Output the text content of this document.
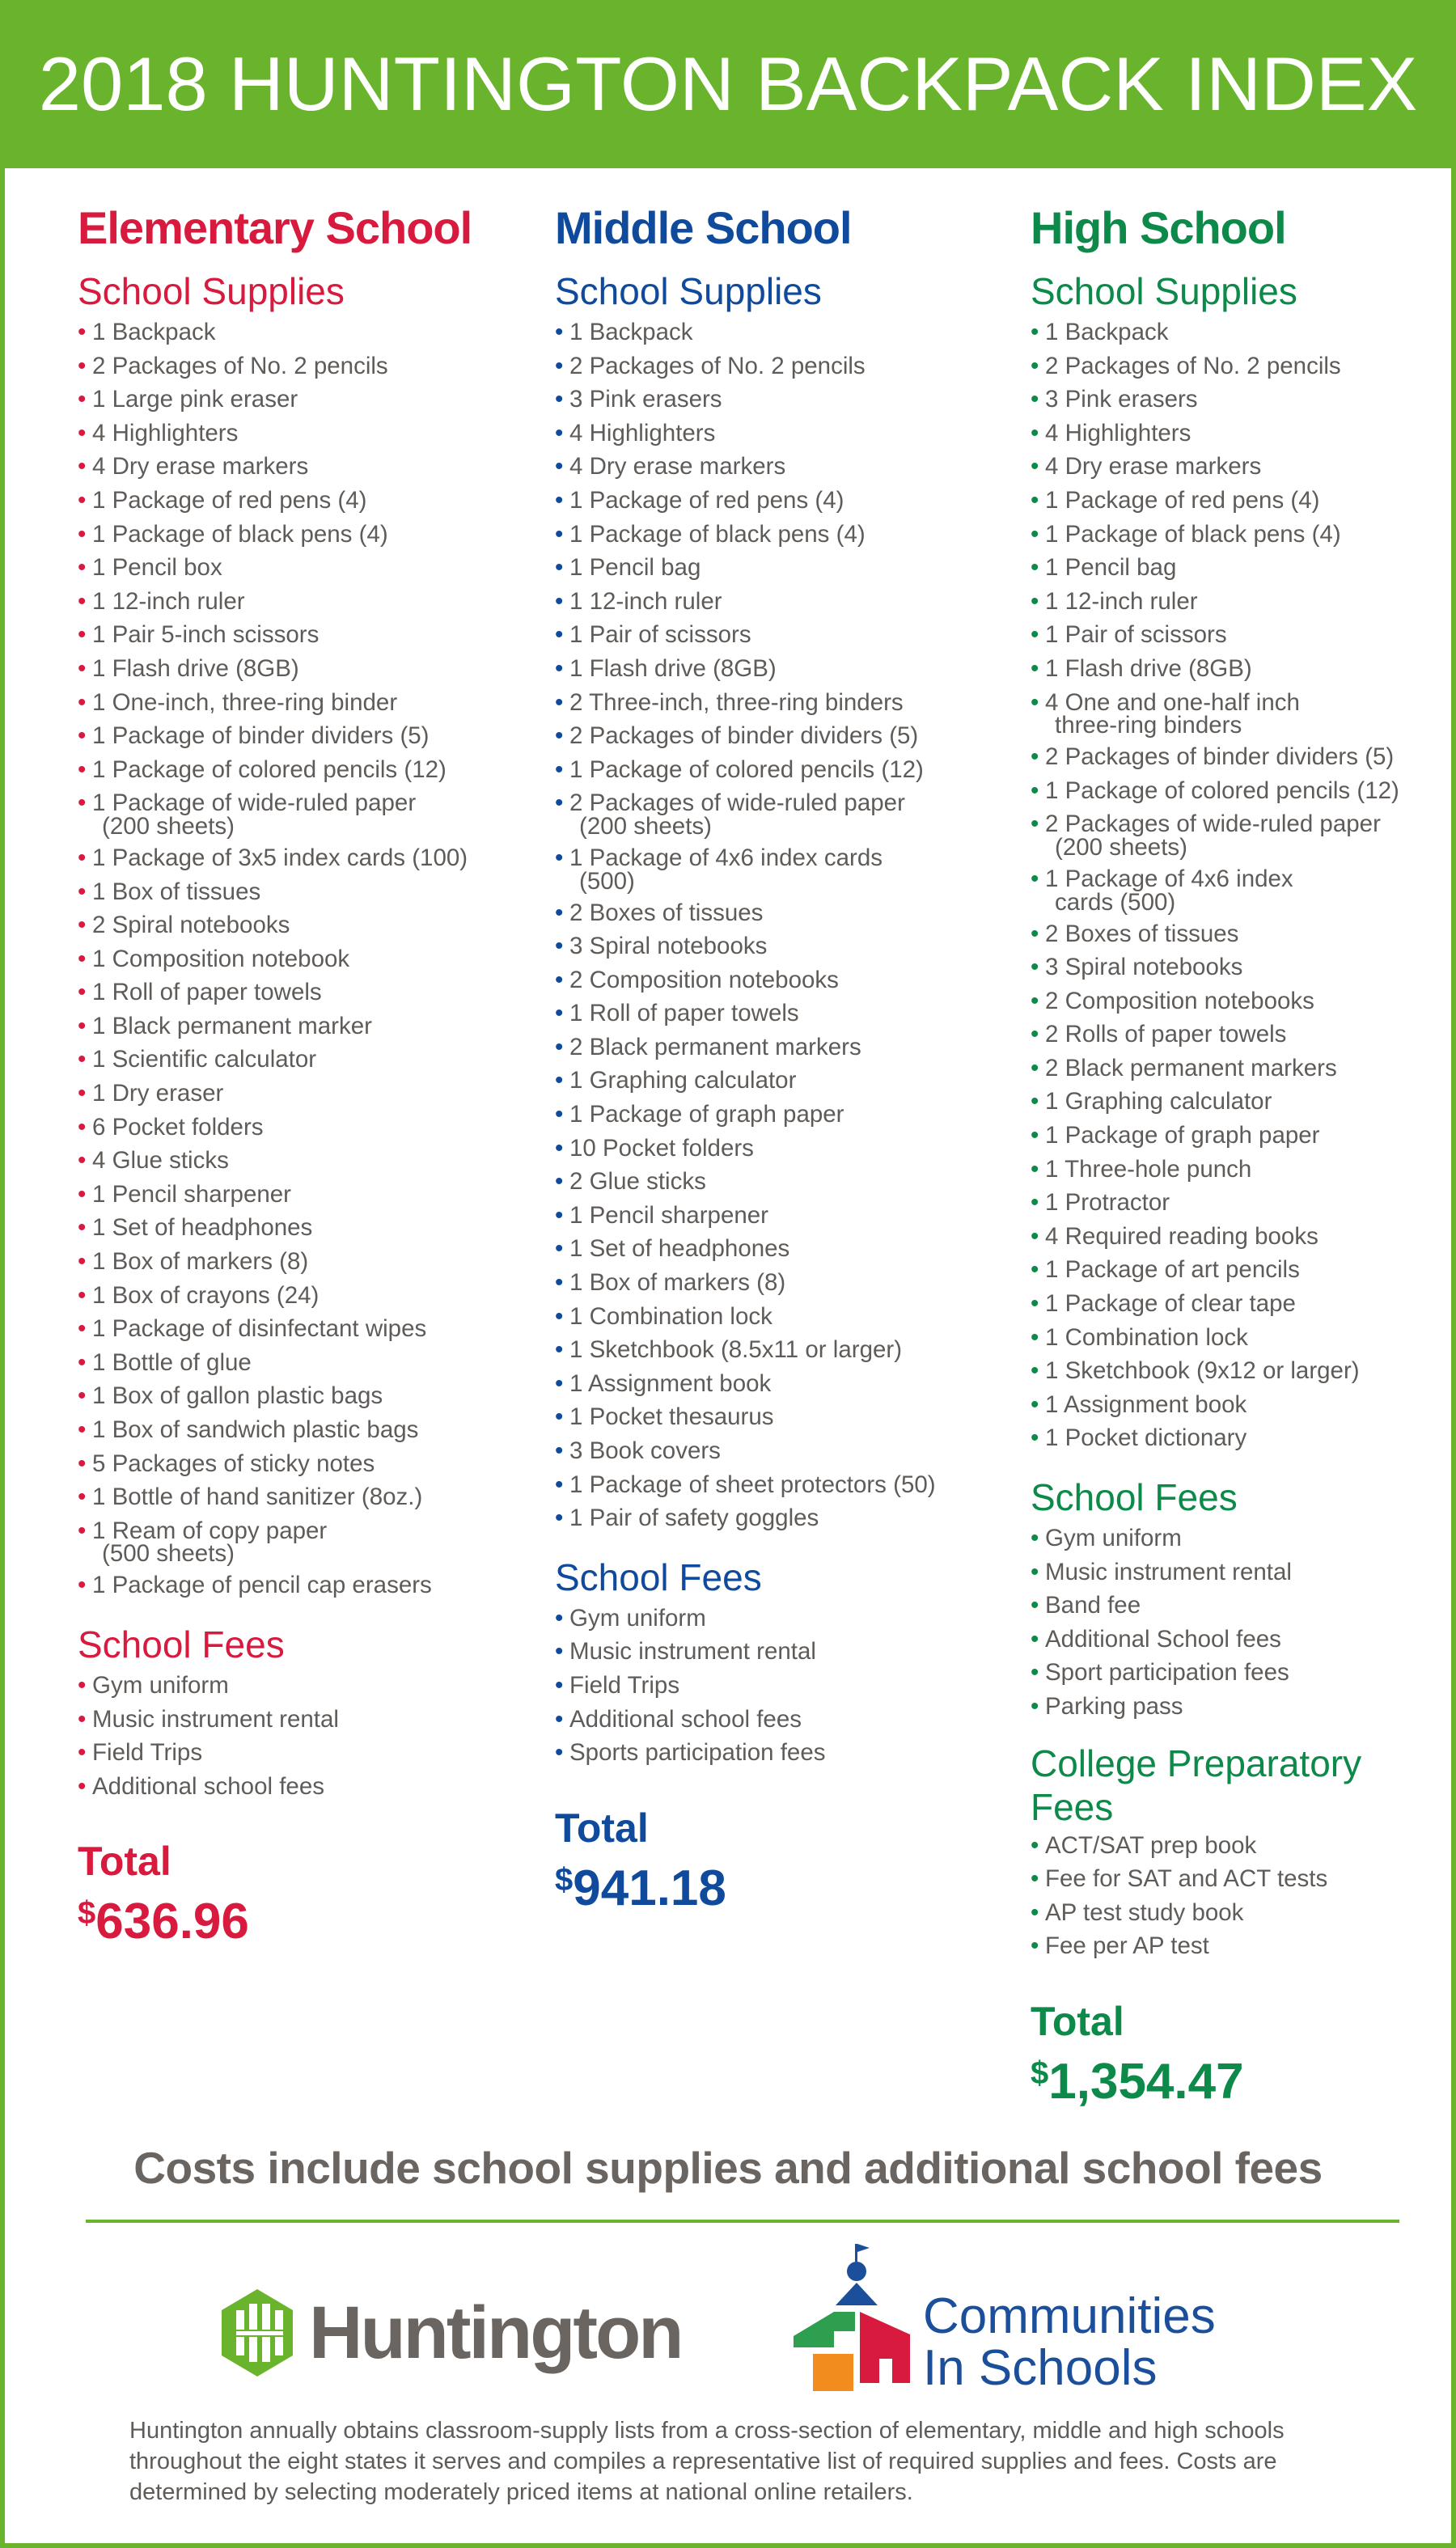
2018 HUNTINGTON BACKPACK INDEX
Elementary School
School Supplies
• 1 Backpack
• 2 Packages of No. 2 pencils
• 1 Large pink eraser
• 4 Highlighters
• 4 Dry erase markers
• 1 Package of red pens (4)
• 1 Package of black pens (4)
• 1 Pencil box
• 1 12-inch ruler
• 1 Pair 5-inch scissors
• 1 Flash drive (8GB)
• 1 One-inch, three-ring binder
• 1 Package of binder dividers (5)
• 1 Package of colored pencils (12)
• 1 Package of wide-ruled paper
(200 sheets)
• 1 Package of 3x5 index cards (100)
• 1 Box of tissues
• 2 Spiral notebooks
• 1 Composition notebook
• 1 Roll of paper towels
• 1 Black permanent marker
• 1 Scientific calculator
• 1 Dry eraser
• 6 Pocket folders
• 4 Glue sticks
• 1 Pencil sharpener
• 1 Set of headphones
• 1 Box of markers (8)
• 1 Box of crayons (24)
• 1 Package of disinfectant wipes
• 1 Bottle of glue
• 1 Box of gallon plastic bags
• 1 Box of sandwich plastic bags
• 5 Packages of sticky notes
• 1 Bottle of hand sanitizer (8oz.)
• 1 Ream of copy paper
(500 sheets)
• 1 Package of pencil cap erasers
School Fees
• Gym uniform
• Music instrument rental
• Field Trips
• Additional school fees
Total
$636.96
Middle School
School Supplies
• 1 Backpack
• 2 Packages of No. 2 pencils
• 3 Pink erasers
• 4 Highlighters
• 4 Dry erase markers
• 1 Package of red pens (4)
• 1 Package of black pens (4)
• 1 Pencil bag
• 1 12-inch ruler
• 1 Pair of scissors
• 1 Flash drive (8GB)
• 2 Three-inch, three-ring binders
• 2 Packages of binder dividers (5)
• 1 Package of colored pencils (12)
• 2 Packages of wide-ruled paper
(200 sheets)
• 1 Package of 4x6 index cards
(500)
• 2 Boxes of tissues
• 3 Spiral notebooks
• 2 Composition notebooks
• 1 Roll of paper towels
• 2 Black permanent markers
• 1 Graphing calculator
• 1 Package of graph paper
• 10 Pocket folders
• 2 Glue sticks
• 1 Pencil sharpener
• 1 Set of headphones
• 1 Box of markers (8)
• 1 Combination lock
• 1 Sketchbook (8.5x11 or larger)
• 1 Assignment book
• 1 Pocket thesaurus
• 3 Book covers
• 1 Package of sheet protectors (50)
• 1 Pair of safety goggles
School Fees
• Gym uniform
• Music instrument rental
• Field Trips
• Additional school fees
• Sports participation fees
Total
$941.18
High School
School Supplies
• 1 Backpack
• 2 Packages of No. 2 pencils
• 3 Pink erasers
• 4 Highlighters
• 4 Dry erase markers
• 1 Package of red pens (4)
• 1 Package of black pens (4)
• 1 Pencil bag
• 1 12-inch ruler
• 1 Pair of scissors
• 1 Flash drive (8GB)
• 4 One and one-half inch
three-ring binders
• 2 Packages of binder dividers (5)
• 1 Package of colored pencils (12)
• 2 Packages of wide-ruled paper
(200 sheets)
• 1 Package of 4x6 index
cards (500)
• 2 Boxes of tissues
• 3 Spiral notebooks
• 2 Composition notebooks
• 2 Rolls of paper towels
• 2 Black permanent markers
• 1 Graphing calculator
• 1 Package of graph paper
• 1 Three-hole punch
• 1 Protractor
• 4 Required reading books
• 1 Package of art pencils
• 1 Package of clear tape
• 1 Combination lock
• 1 Sketchbook (9x12 or larger)
• 1 Assignment book
• 1 Pocket dictionary
School Fees
• Gym uniform
• Music instrument rental
• Band fee
• Additional School fees
• Sport participation fees
• Parking pass
College Preparatory
Fees
• ACT/SAT prep book
• Fee for SAT and ACT tests
• AP test study book
• Fee per AP test
Total
$1,354.47
Costs include school supplies and additional school fees
Huntington	Communities
In Schools
Huntington annually obtains classroom-supply lists from a cross-section of elementary, middle and high schools throughout the eight states it serves and compiles a representative list of required supplies and fees. Costs are determined by selecting moderately priced items at national online retailers.
